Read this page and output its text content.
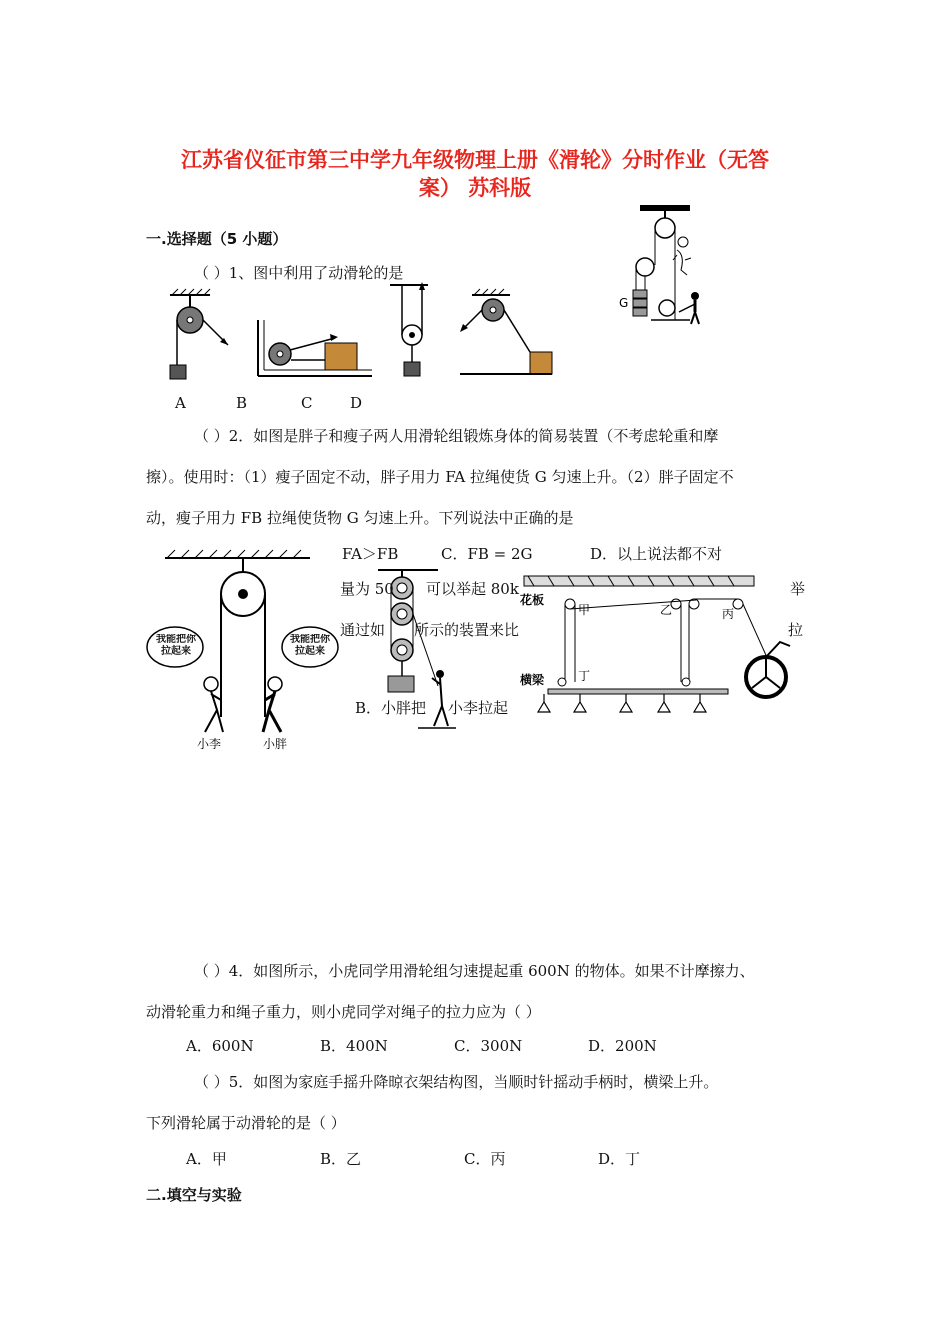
江苏省仪征市第三中学九年级物理上册《滑轮》分时作业（无答
案） 苏科版
一.选择题（5 小题）
（ ）1、图中利用了动滑轮的是
A	B	C	D
G
（ ）2．如图是胖子和瘦子两人用滑轮组锻炼身体的简易装置（不考虑轮重和摩
擦）。使用时：（1）瘦子固定不动，胖子用力 FA 拉绳使货 G 匀速上升。（2）胖子固定不
动，瘦子用力 FB 拉绳使货物 G 匀速上升。下列说法中正确的是
我能把你拉起来
我能把你拉起来
小李	小胖
FA＞FB	C．FB = 2G	D．以上说法都不对
量为 50 可以举起 80k
通过如 所示的装置来比
B．小胖把 小李拉起
举
拉
花板
甲	乙	丙
横梁	丁
（ ）4．如图所示，小虎同学用滑轮组匀速提起重 600N 的物体。如果不计摩擦力、
动滑轮重力和绳子重力，则小虎同学对绳子的拉力应为（ ）
A．600N	B．400N	C．300N	D．200N
（ ）5．如图为家庭手摇升降晾衣架结构图，当顺时针摇动手柄时，横梁上升。
下列滑轮属于动滑轮的是（ ）
A．甲	B．乙	C．丙	D．丁
二.填空与实验
